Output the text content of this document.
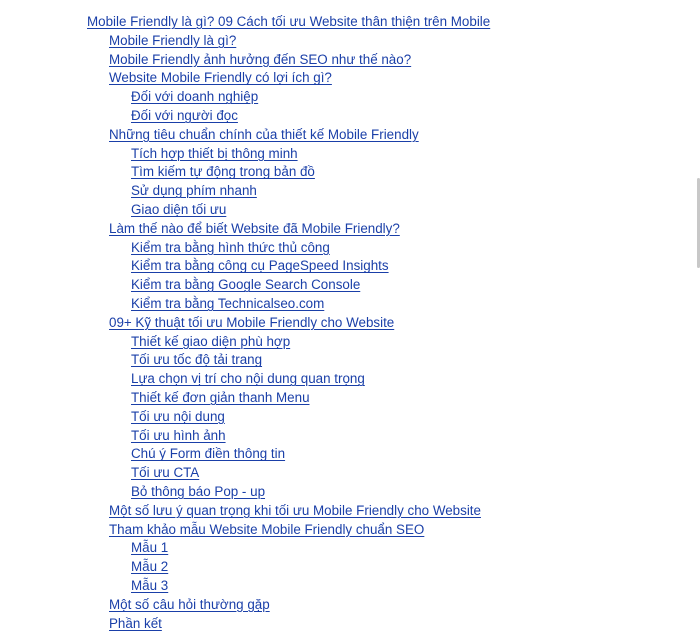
Mobile Friendly là gì? 09 Cách tối ưu Website thân thiện trên Mobile
Mobile Friendly là gì?
Mobile Friendly ảnh hưởng đến SEO như thế nào?
Website Mobile Friendly có lợi ích gì?
Đối với doanh nghiệp
Đối với người đọc
Những tiêu chuẩn chính của thiết kế Mobile Friendly
Tích hợp thiết bị thông minh
Tìm kiếm tự động trong bản đồ
Sử dụng phím nhanh
Giao diện tối ưu
Làm thế nào để biết Website đã Mobile Friendly?
Kiểm tra bằng hình thức thủ công
Kiểm tra bằng công cụ PageSpeed Insights
Kiểm tra bằng Google Search Console
Kiểm tra bằng Technicalseo.com
09+ Kỹ thuật tối ưu Mobile Friendly cho Website
Thiết kế giao diện phù hợp
Tối ưu tốc độ tải trang
Lựa chọn vị trí cho nội dung quan trọng
Thiết kế đơn giản thanh Menu
Tối ưu nội dung
Tối ưu hình ảnh
Chú ý Form điền thông tin
Tối ưu CTA
Bỏ thông báo Pop - up
Một số lưu ý quan trọng khi tối ưu Mobile Friendly cho Website
Tham khảo mẫu Website Mobile Friendly chuẩn SEO
Mẫu 1
Mẫu 2
Mẫu 3
Một số câu hỏi thường gặp
Phần kết
